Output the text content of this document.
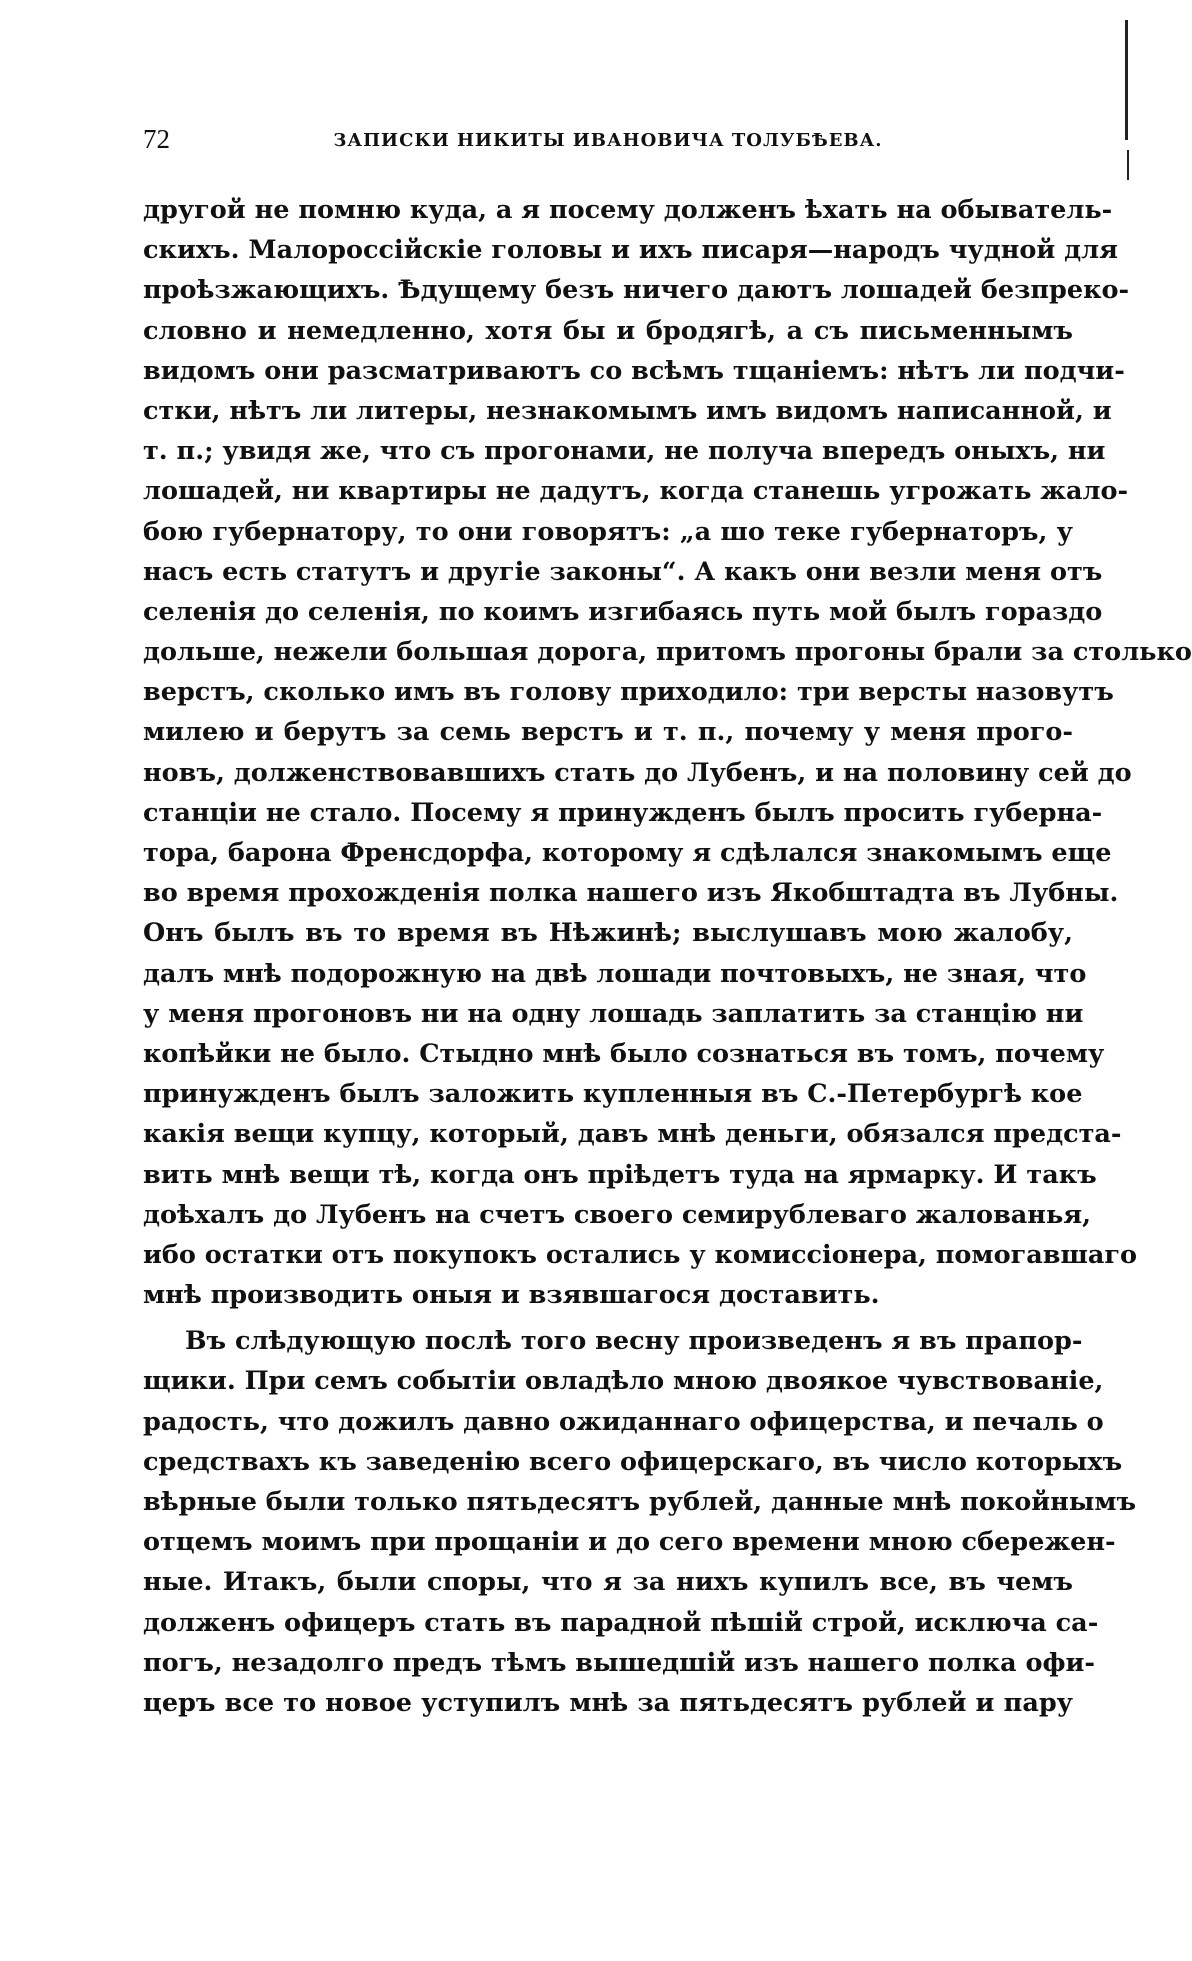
72	ЗАПИСКИ НИКИТЫ ИВАНОВИЧА ТОЛУБѢЕВА.
другой не помню куда, а я посему долженъ ѣхать на обыватель-
скихъ. Малороссійскіе головы и ихъ писаря—народъ чудной для
проѣзжающихъ. Ѣдущему безъ ничего даютъ лошадей безпреко-
словно и немедленно, хотя бы и бродягѣ, а съ письменнымъ
видомъ они разсматриваютъ со всѣмъ тщаніемъ: нѣтъ ли подчи-
стки, нѣтъ ли литеры, незнакомымъ имъ видомъ написанной, и
т. п.; увидя же, что съ прогонами, не получа впередъ оныхъ, ни
лошадей, ни квартиры не дадутъ, когда станешь угрожать жало-
бою губернатору, то они говорятъ: „а шо теке губернаторъ, у
насъ есть статутъ и другіе законы“. А какъ они везли меня отъ
селенія до селенія, по коимъ изгибаясь путь мой былъ гораздо
дольше, нежели большая дорога, притомъ прогоны брали за столько
верстъ, сколько имъ въ голову приходило: три версты назовутъ
милею и берутъ за семь верстъ и т. п., почему у меня прого-
новъ, долженствовавшихъ стать до Лубенъ, и на половину сей до
станціи не стало. Посему я принужденъ былъ просить губерна-
тора, барона Френсдорфа, которому я сдѣлался знакомымъ еще
во время прохожденія полка нашего изъ Якобштадта въ Лубны.
Онъ былъ въ то время въ Нѣжинѣ; выслушавъ мою жалобу,
далъ мнѣ подорожную на двѣ лошади почтовыхъ, не зная, что
у меня прогоновъ ни на одну лошадь заплатить за станцію ни
копѣйки не было. Стыдно мнѣ было сознаться въ томъ, почему
принужденъ былъ заложить купленныя въ С.-Петербургѣ кое
какія вещи купцу, который, давъ мнѣ деньги, обязался предста-
вить мнѣ вещи тѣ, когда онъ пріѣдетъ туда на ярмарку. И такъ
доѣхалъ до Лубенъ на счетъ своего семирублеваго жалованья,
ибо остатки отъ покупокъ остались у комиссіонера, помогавшаго
мнѣ производить оныя и взявшагося доставить.
Въ слѣдующую послѣ того весну произведенъ я въ прапор-
щики. При семъ событіи овладѣло мною двоякое чувствованіе,
радость, что дожилъ давно ожиданнаго офицерства, и печаль о
средствахъ къ заведенію всего офицерскаго, въ число которыхъ
вѣрные были только пятьдесятъ рублей, данные мнѣ покойнымъ
отцемъ моимъ при прощаніи и до сего времени мною сбережен-
ные. Итакъ, были споры, что я за нихъ купилъ все, въ чемъ
долженъ офицеръ стать въ парадной пѣшій строй, исключа са-
погъ, незадолго предъ тѣмъ вышедшій изъ нашего полка офи-
церъ все то новое уступилъ мнѣ за пятьдесятъ рублей и пару
